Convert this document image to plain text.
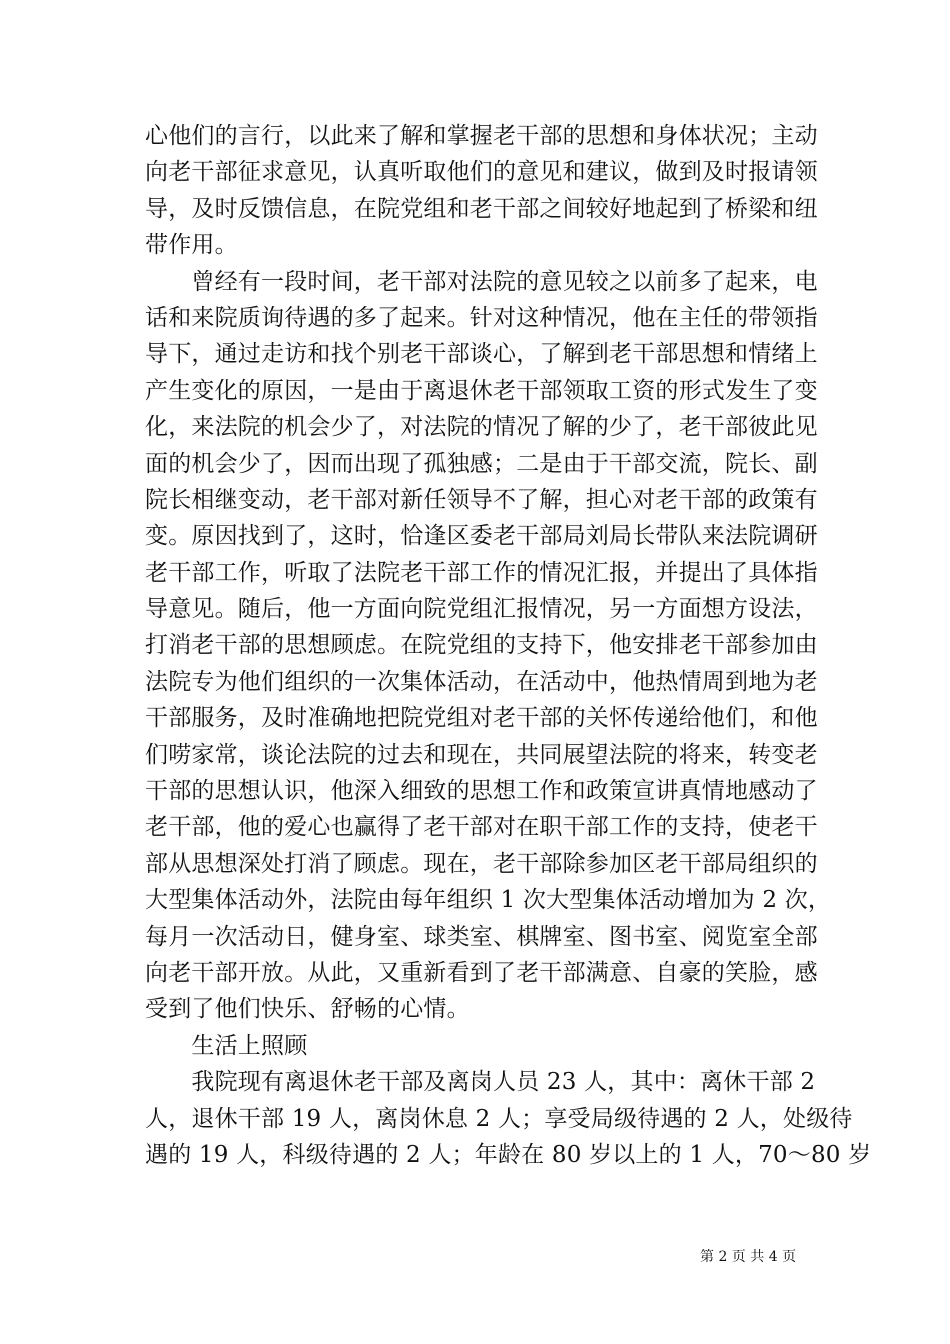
心他们的言行，以此来了解和掌握老干部的思想和身体状况；主动
向老干部征求意见，认真听取他们的意见和建议，做到及时报请领
导，及时反馈信息，在院党组和老干部之间较好地起到了桥梁和纽
带作用。
　　曾经有一段时间，老干部对法院的意见较之以前多了起来，电
话和来院质询待遇的多了起来。针对这种情况，他在主任的带领指
导下，通过走访和找个别老干部谈心，了解到老干部思想和情绪上
产生变化的原因，一是由于离退休老干部领取工资的形式发生了变
化，来法院的机会少了，对法院的情况了解的少了，老干部彼此见
面的机会少了，因而出现了孤独感；二是由于干部交流，院长、副
院长相继变动，老干部对新任领导不了解，担心对老干部的政策有
变。原因找到了，这时，恰逢区委老干部局刘局长带队来法院调研
老干部工作，听取了法院老干部工作的情况汇报，并提出了具体指
导意见。随后，他一方面向院党组汇报情况，另一方面想方设法，
打消老干部的思想顾虑。在院党组的支持下，他安排老干部参加由
法院专为他们组织的一次集体活动，在活动中，他热情周到地为老
干部服务，及时准确地把院党组对老干部的关怀传递给他们，和他
们唠家常，谈论法院的过去和现在，共同展望法院的将来，转变老
干部的思想认识，他深入细致的思想工作和政策宣讲真情地感动了
老干部，他的爱心也赢得了老干部对在职干部工作的支持，使老干
部从思想深处打消了顾虑。现在，老干部除参加区老干部局组织的
大型集体活动外，法院由每年组织 1 次大型集体活动增加为 2 次，
每月一次活动日，健身室、球类室、棋牌室、图书室、阅览室全部
向老干部开放。从此，又重新看到了老干部满意、自豪的笑脸，感
受到了他们快乐、舒畅的心情。
　　生活上照顾
　　我院现有离退休老干部及离岗人员 23 人，其中：离休干部 2
人，退休干部 19 人，离岗休息 2 人；享受局级待遇的 2 人，处级待
遇的 19 人，科级待遇的 2 人；年龄在 80 岁以上的 1 人，70～80 岁
第 2 页 共 4 页
